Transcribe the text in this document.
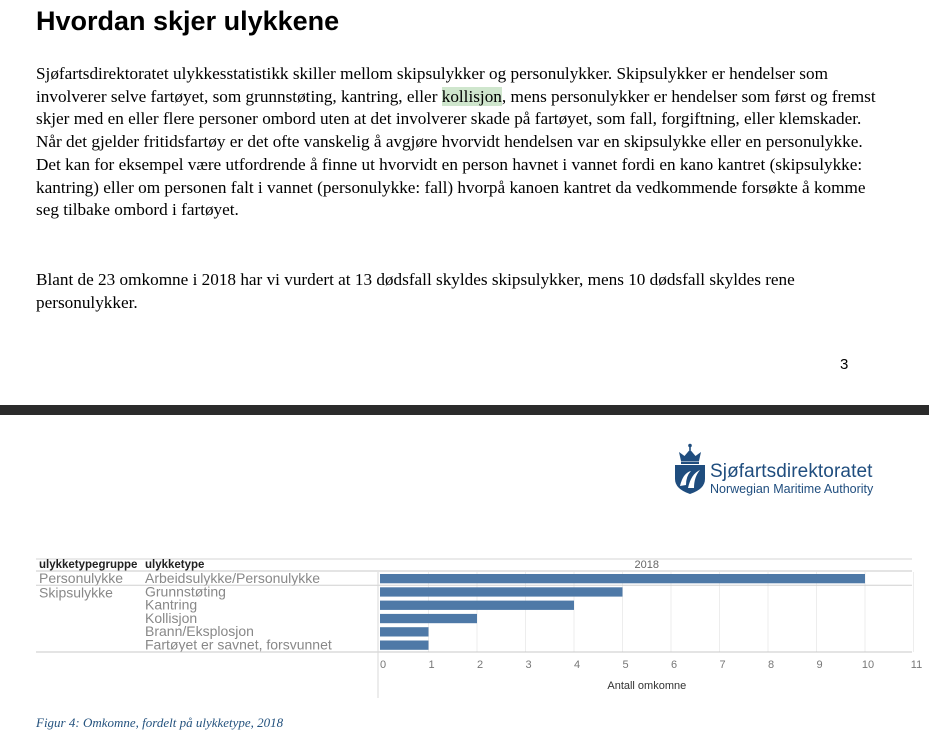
Hvordan skjer ulykkene

Sjøfartsdirektoratet ulykkesstatistikk skiller mellom skipsulykker og personulykker. Skipsulykker er hendelser som involverer selve fartøyet, som grunnstøting, kantring, eller kollisjon, mens personulykker er hendelser som først og fremst skjer med en eller flere personer ombord uten at det involverer skade på fartøyet, som fall, forgiftning, eller klemskader. Når det gjelder fritidsfartøy er det ofte vanskelig å avgjøre hvorvidt hendelsen var en skipsulykke eller en personulykke. Det kan for eksempel være utfordrende å finne ut hvorvidt en person havnet i vannet fordi en kano kantret (skipsulykke: kantring) eller om personen falt i vannet (personulykke: fall) hvorpå kanoen kantret da vedkommende forsøkte å komme seg tilbake ombord i fartøyet.

Blant de 23 omkomne i 2018 har vi vurdert at 13 dødsfall skyldes skipsulykker, mens 10 dødsfall skyldes rene personulykker.

3
Sjøfartsdirektoratet
Norwegian Maritime Authority
ulykketypegruppe ulykketype	2018
Personulykke Arbeidsulykke/Personulykke
Skipsulykke Grunnstøting
Kantring
Kollisjon
Brann/Eksplosjon
Fartøyet er savnet, forsvunnet
0	1	2	3	4	5	6	7	8	9	10	11
Antall omkomne
Figur 4: Omkomne, fordelt på ulykketype, 2018
